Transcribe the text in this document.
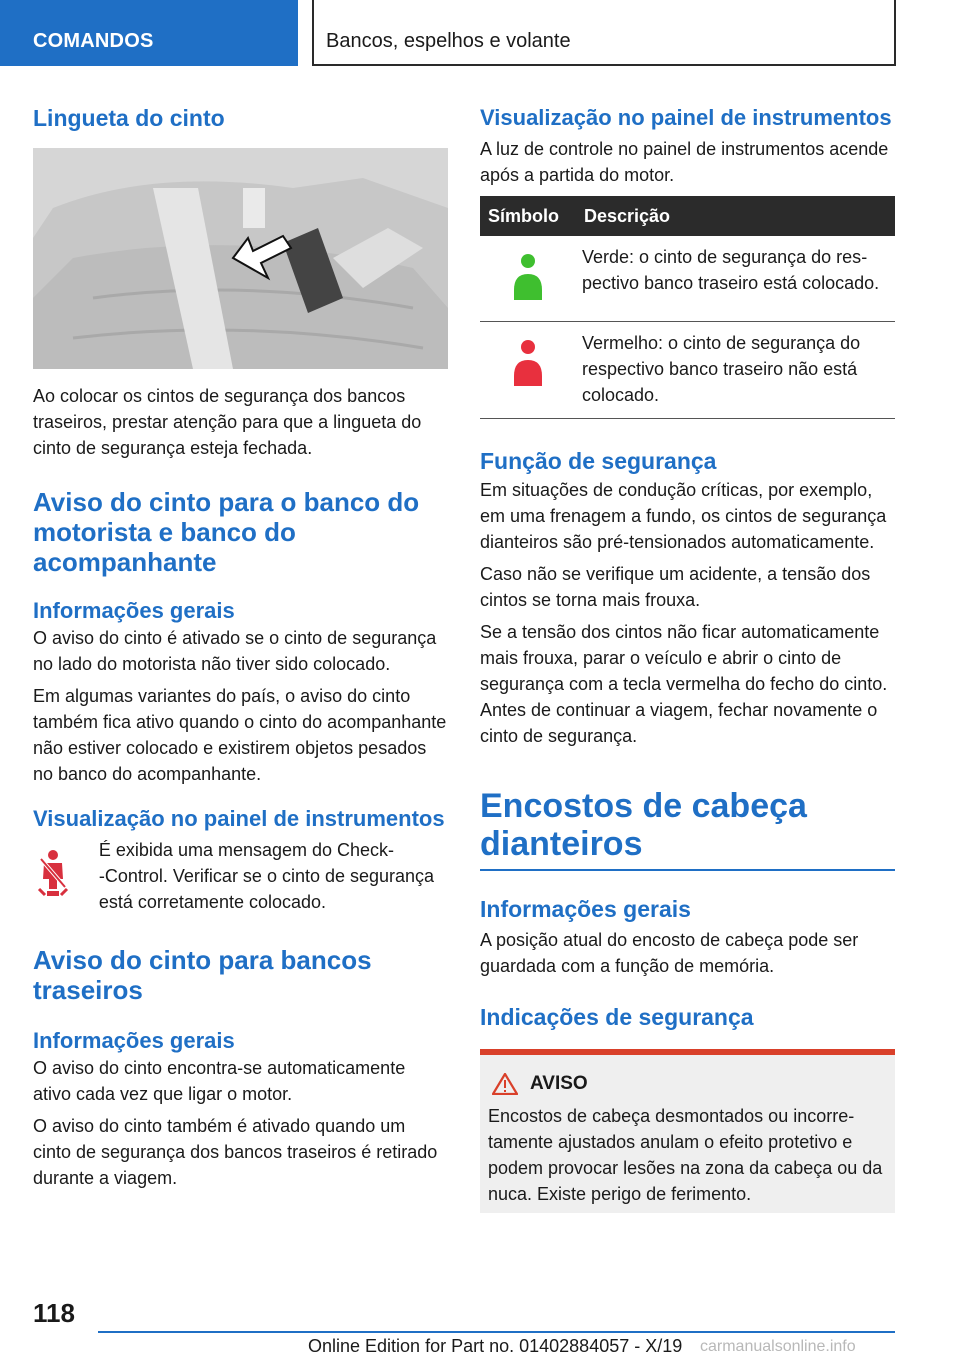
COMANDOS	Bancos, espelhos e volante
Lingueta do cinto

Ao colocar os cintos de segurança dos bancos traseiros, prestar atenção para que a lingueta do cinto de segurança esteja fechada.

Aviso do cinto para o banco do motorista e banco do acompanhante
Informações gerais

O aviso do cinto é ativado se o cinto de segurança no lado do motorista não tiver sido colocado.

Em algumas variantes do país, o aviso do cinto também fica ativo quando o cinto do acompanhante não estiver colocado e existirem objetos pesados no banco do acompanhante.

Visualização no painel de instrumentos

É exibida uma mensagem do Check-‑Control. Verificar se o cinto de segurança está corretamente colocado.

Aviso do cinto para bancos traseiros
Informações gerais

O aviso do cinto encontra-se automaticamente ativo cada vez que ligar o motor.

O aviso do cinto também é ativado quando um cinto de segurança dos bancos traseiros é retirado durante a viagem.

Visualização no painel de instrumentos

A luz de controle no painel de instrumentos acende após a partida do motor.

Símbolo	Descrição
	Verde: o cinto de segurança do respectivo banco traseiro está colocado.
	Vermelho: o cinto de segurança do respectivo banco traseiro não está colocado.
Função de segurança

Em situações de condução críticas, por exemplo, em uma frenagem a fundo, os cintos de segurança dianteiros são pré-tensionados automaticamente.

Caso não se verifique um acidente, a tensão dos cintos se torna mais frouxa.

Se a tensão dos cintos não ficar automaticamente mais frouxa, parar o veículo e abrir o cinto de segurança com a tecla vermelha do fecho do cinto. Antes de continuar a viagem, fechar novamente o cinto de segurança.

Encostos de cabeça dianteiros
Informações gerais

A posição atual do encosto de cabeça pode ser guardada com a função de memória.

Indicações de segurança
AVISO

Encostos de cabeça desmontados ou incorretamente ajustados anulam o efeito protetivo e podem provocar lesões na zona da cabeça ou da nuca. Existe perigo de ferimento.

118
Online Edition for Part no. 01402884057 - X/19 carmanualsonline.info
